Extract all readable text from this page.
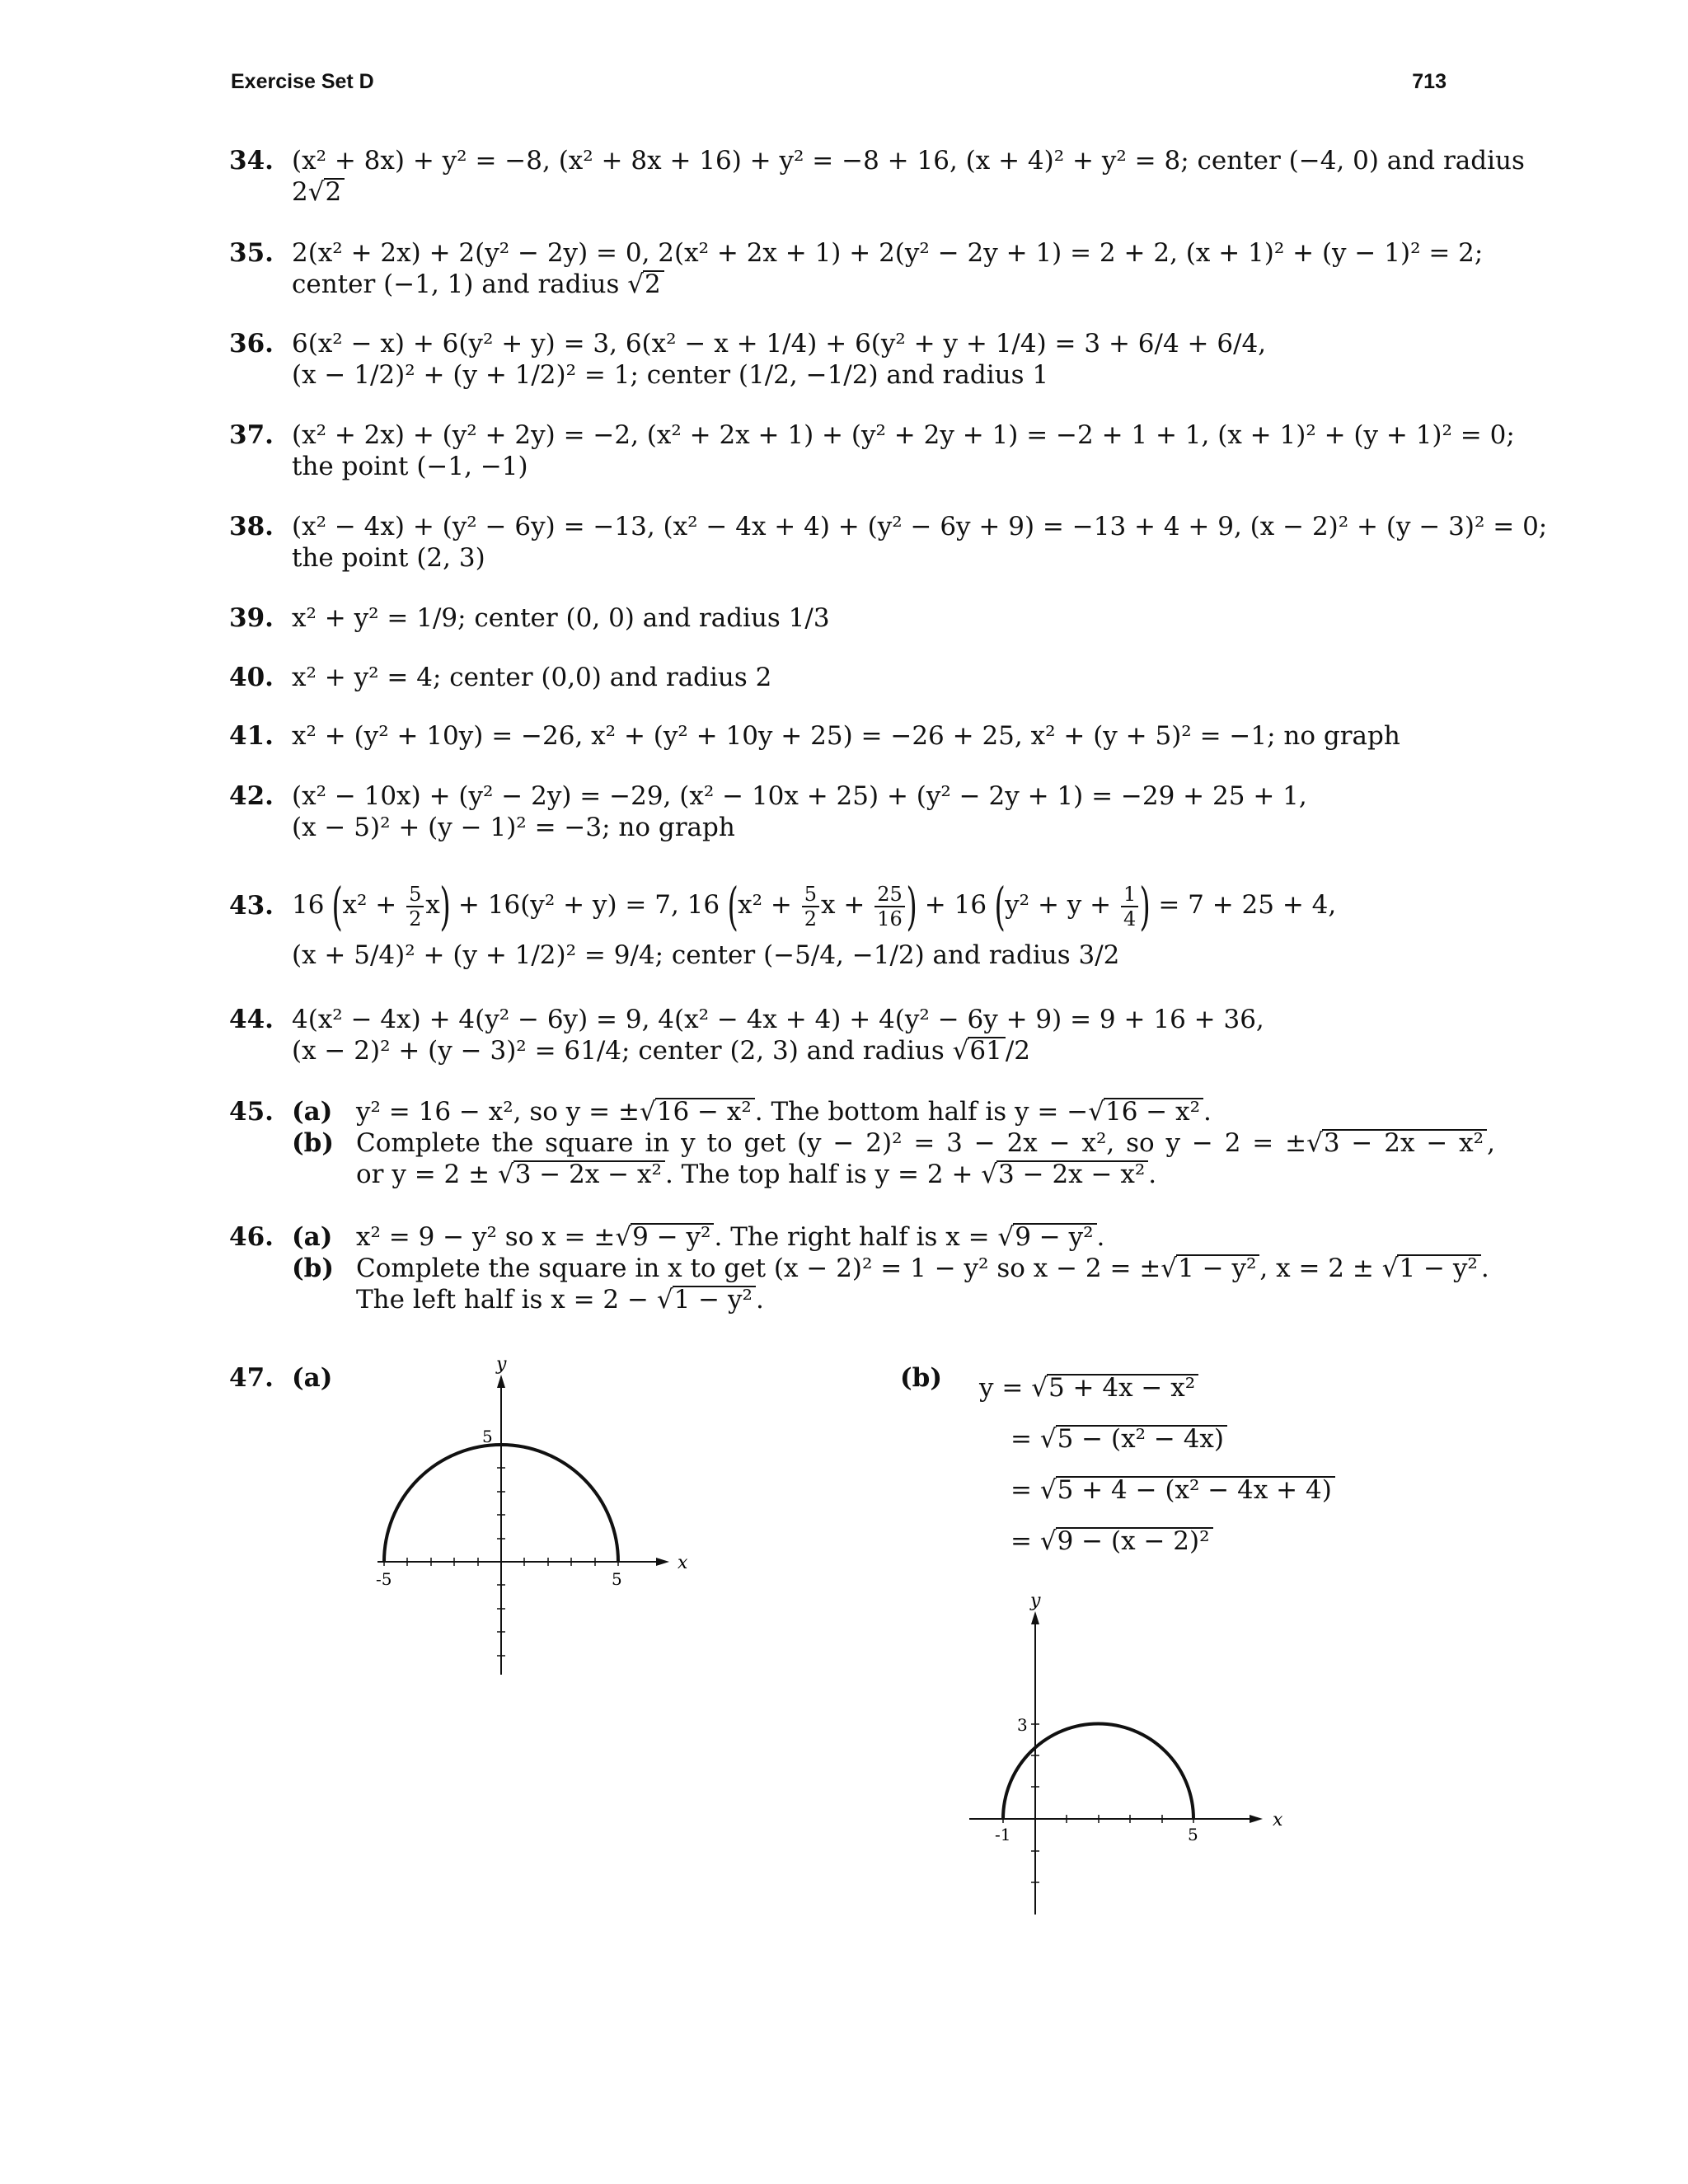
Exercise Set D	713
34. (x² + 8x) + y² = −8, (x² + 8x + 16) + y² = −8 + 16, (x + 4)² + y² = 8; center (−4, 0) and radius
2√2
35. 2(x² + 2x) + 2(y² − 2y) = 0, 2(x² + 2x + 1) + 2(y² − 2y + 1) = 2 + 2, (x + 1)² + (y − 1)² = 2;
center (−1, 1) and radius √2
36. 6(x² − x) + 6(y² + y) = 3, 6(x² − x + 1/4) + 6(y² + y + 1/4) = 3 + 6/4 + 6/4,
(x − 1/2)² + (y + 1/2)² = 1; center (1/2, −1/2) and radius 1
37. (x² + 2x) + (y² + 2y) = −2, (x² + 2x + 1) + (y² + 2y + 1) = −2 + 1 + 1, (x + 1)² + (y + 1)² = 0;
the point (−1, −1)
38. (x² − 4x) + (y² − 6y) = −13, (x² − 4x + 4) + (y² − 6y + 9) = −13 + 4 + 9, (x − 2)² + (y − 3)² = 0;
the point (2, 3)
39. x² + y² = 1/9; center (0, 0) and radius 1/3
40. x² + y² = 4; center (0,0) and radius 2
41. x² + (y² + 10y) = −26, x² + (y² + 10y + 25) = −26 + 25, x² + (y + 5)² = −1; no graph
42. (x² − 10x) + (y² − 2y) = −29, (x² − 10x + 25) + (y² − 2y + 1) = −29 + 25 + 1,
(x − 5)² + (y − 1)² = −3; no graph
43. 16 $(x^2 + \frac{5}{2} x) + 16(y^2 + y) = 7$, 16 ($x^2 + \frac{5}{2}$ $x + \frac{25}{16}$ ) + 16 ($y^2 + y + \frac{1}{4}$ ) = 7 + 25 + 4,
(x + 5/4)² + (y + 1/2)² = 9/4; center (−5/4, −1/2) and radius 3/2
44. 4(x² − 4x) + 4(y² − 6y) = 9, 4(x² − 4x + 4) + 4(y² − 6y + 9) = 9 + 16 + 36,
(x − 2)² + (y − 3)² = 61/4; center (2, 3) and radius √61 /2
45. (a) y² = 16 − x², so y = ±√16 − x² . The bottom half is y = −√16 − x² .
(b) Complete the square in y to get (y − 2)² = 3 − 2x − x², so y − 2 = ±√3 − 2x − x² ,
or y = 2 ± √3 − 2x − x² . The top half is y = 2 + √3 − 2x − x² .
46. (a) x² = 9 − y² so x = ±√9 − y² . The right half is x = √9 − y² .
(b) Complete the square in x to get (x − 2)² = 1 − y² so x − 2 = ±√1 − y² , x = 2 ± √1 − y² .
The left half is x = 2 − √1 − y² .
47. (a)	(b) y = √5 + 4x − x²
= √5 − (x² − 4x)
= √5 + 4 − (x² − 4x + 4)
= √9 − (x − 2)²
-5	5
5
x
y
-1	5
3
x
y
